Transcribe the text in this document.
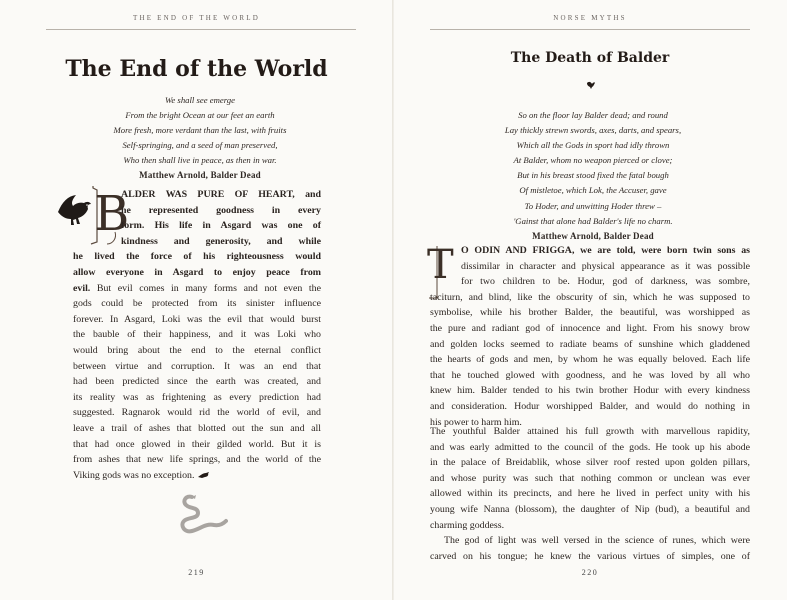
THE END OF THE WORLD
The End of the World
We shall see emerge
From the bright Ocean at our feet an earth
More fresh, more verdant than the last, with fruits
Self-springing, and a seed of man preserved,
Who then shall live in peace, as then in war.
Matthew Arnold, Balder Dead
B
ALDER WAS PURE OF HEART, and
he represented goodness in every
form. His life in Asgard was one of
kindness and generosity, and while
he lived the force of his righteousness would
allow everyone in Asgard to enjoy peace from
evil. But evil comes in many forms and not even the
gods could be protected from its sinister influence
forever. In Asgard, Loki was the evil that would burst
the bauble of their happiness, and it was Loki who
would bring about the end to the eternal conflict
between virtue and corruption. It was an end that
had been predicted since the earth was created, and
its reality was as frightening as every prediction had
suggested. Ragnarok would rid the world of evil, and
leave a trail of ashes that blotted out the sun and all
that had once glowed in their gilded world. But it is
from ashes that new life springs, and the world of the
Viking gods was no exception.
219
NORSE MYTHS
The Death of Balder
So on the floor lay Balder dead; and round
Lay thickly strewn swords, axes, darts, and spears,
Which all the Gods in sport had idly thrown
At Balder, whom no weapon pierced or clove;
But in his breast stood fixed the fatal bough
Of mistletoe, which Lok, the Accuser, gave
To Hoder, and unwitting Hoder threw –
'Gainst that alone had Balder's life no charm.
Matthew Arnold, Balder Dead
T O ODIN AND FRIGGA, we are told, were born twin sons as
dissimilar in character and physical appearance as it was possible
for two children to be. Hodur, god of darkness, was sombre,
taciturn, and blind, like the obscurity of sin, which he was supposed to
symbolise, while his brother Balder, the beautiful, was worshipped as
the pure and radiant god of innocence and light. From his snowy brow
and golden locks seemed to radiate beams of sunshine which gladdened
the hearts of gods and men, by whom he was equally beloved. Each life
that he touched glowed with goodness, and he was loved by all who
knew him. Balder tended to his twin brother Hodur with every kindness
and consideration. Hodur worshipped Balder, and would do nothing in
his power to harm him.
The youthful Balder attained his full growth with marvellous rapidity,
and was early admitted to the council of the gods. He took up his abode
in the palace of Breidablik, whose silver roof rested upon golden pillars,
and whose purity was such that nothing common or unclean was ever
allowed within its precincts, and here he lived in perfect unity with his
young wife Nanna (blossom), the daughter of Nip (bud), a beautiful and
charming goddess.
The god of light was well versed in the science of runes, which were
carved on his tongue; he knew the various virtues of simples, one of
220
